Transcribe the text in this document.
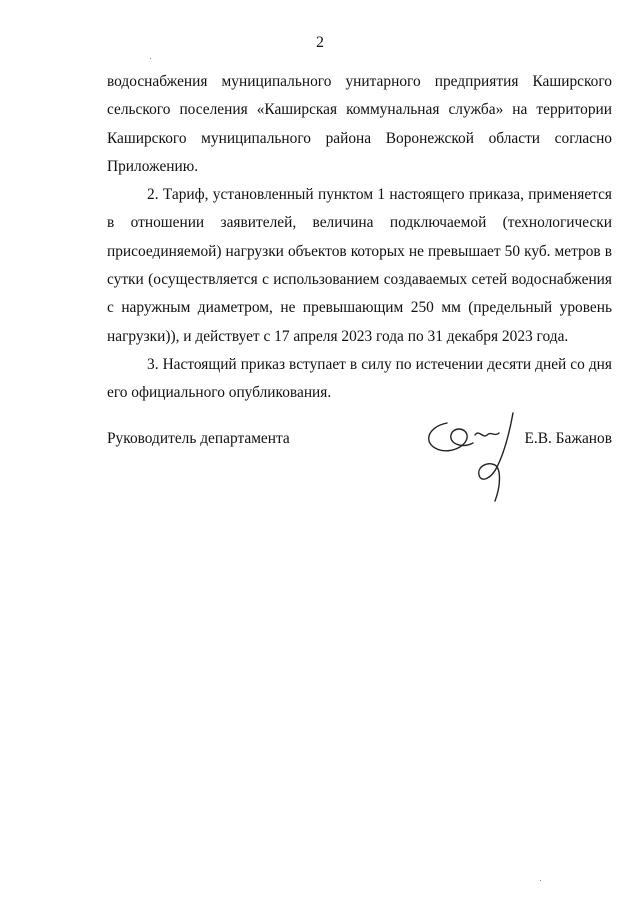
2

водоснабжения муниципального унитарного предприятия Каширского сельского поселения «Каширская коммунальная служба» на территории Каширского муниципального района Воронежской области согласно Приложению.

2. Тариф, установленный пунктом 1 настоящего приказа, применяется в отношении заявителей, величина подключаемой (технологически присоединяемой) нагрузки объектов которых не превышает 50 куб. метров в сутки (осуществляется с использованием создаваемых сетей водоснабжения с наружным диаметром, не превышающим 250 мм (предельный уровень нагрузки)), и действует с 17 апреля 2023 года по 31 декабря 2023 года.

3. Настоящий приказ вступает в силу по истечении десяти дней со дня его официального опубликования.

Руководитель департамента	Е.В. Бажанов
